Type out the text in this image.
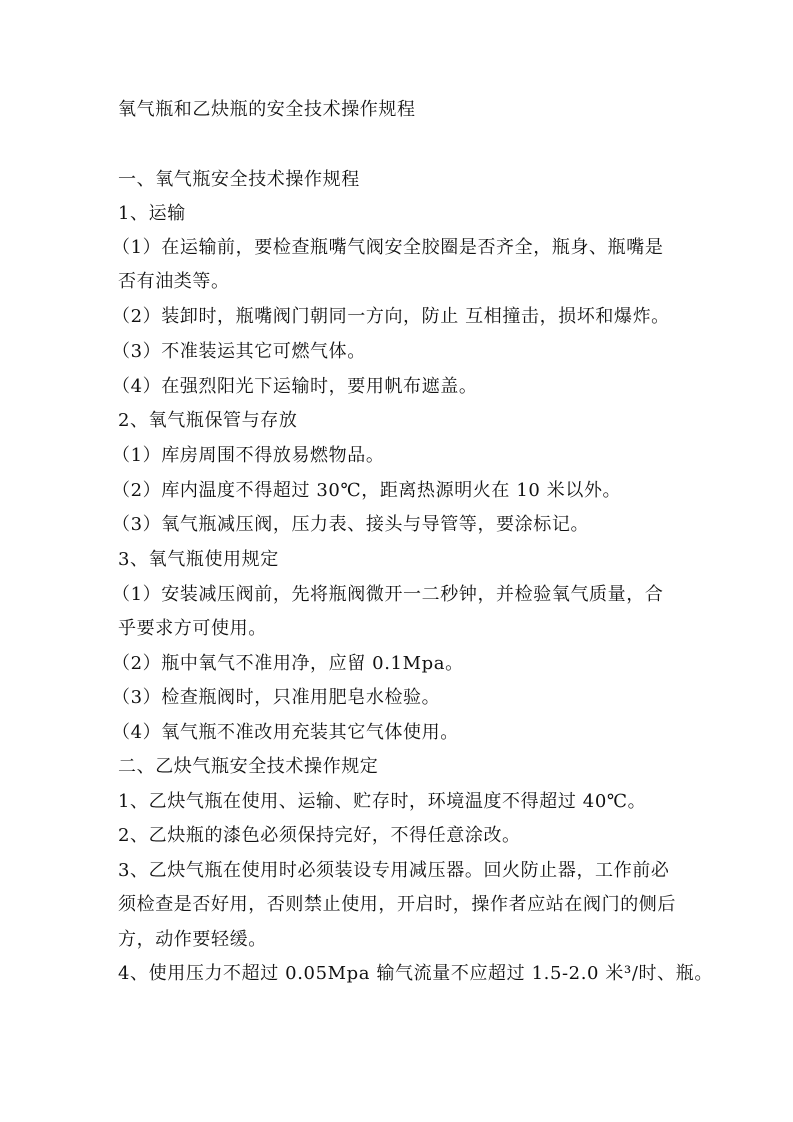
氧气瓶和乙炔瓶的安全技术操作规程
一、氧气瓶安全技术操作规程
1、运输
（1）在运输前，要检查瓶嘴气阀安全胶圈是否齐全，瓶身、瓶嘴是
否有油类等。
（2）装卸时，瓶嘴阀门朝同一方向，防止 互相撞击，损坏和爆炸。
（3）不准装运其它可燃气体。
（4）在强烈阳光下运输时，要用帆布遮盖。
2、氧气瓶保管与存放
（1）库房周围不得放易燃物品。
（2）库内温度不得超过 30℃，距离热源明火在 10 米以外。
（3）氧气瓶减压阀，压力表、接头与导管等，要涂标记。
3、氧气瓶使用规定
（1）安装减压阀前，先将瓶阀微开一二秒钟，并检验氧气质量，合
乎要求方可使用。
（2）瓶中氧气不准用净，应留 0.1Mpa。
（3）检查瓶阀时，只准用肥皂水检验。
（4）氧气瓶不准改用充装其它气体使用。
二、乙炔气瓶安全技术操作规定
1、乙炔气瓶在使用、运输、贮存时，环境温度不得超过 40℃。
2、乙炔瓶的漆色必须保持完好，不得任意涂改。
3、乙炔气瓶在使用时必须装设专用减压器。回火防止器，工作前必
须检查是否好用，否则禁止使用，开启时，操作者应站在阀门的侧后
方，动作要轻缓。
4、使用压力不超过 0.05Mpa 输气流量不应超过 1.5-2.0 米³/时、瓶。
